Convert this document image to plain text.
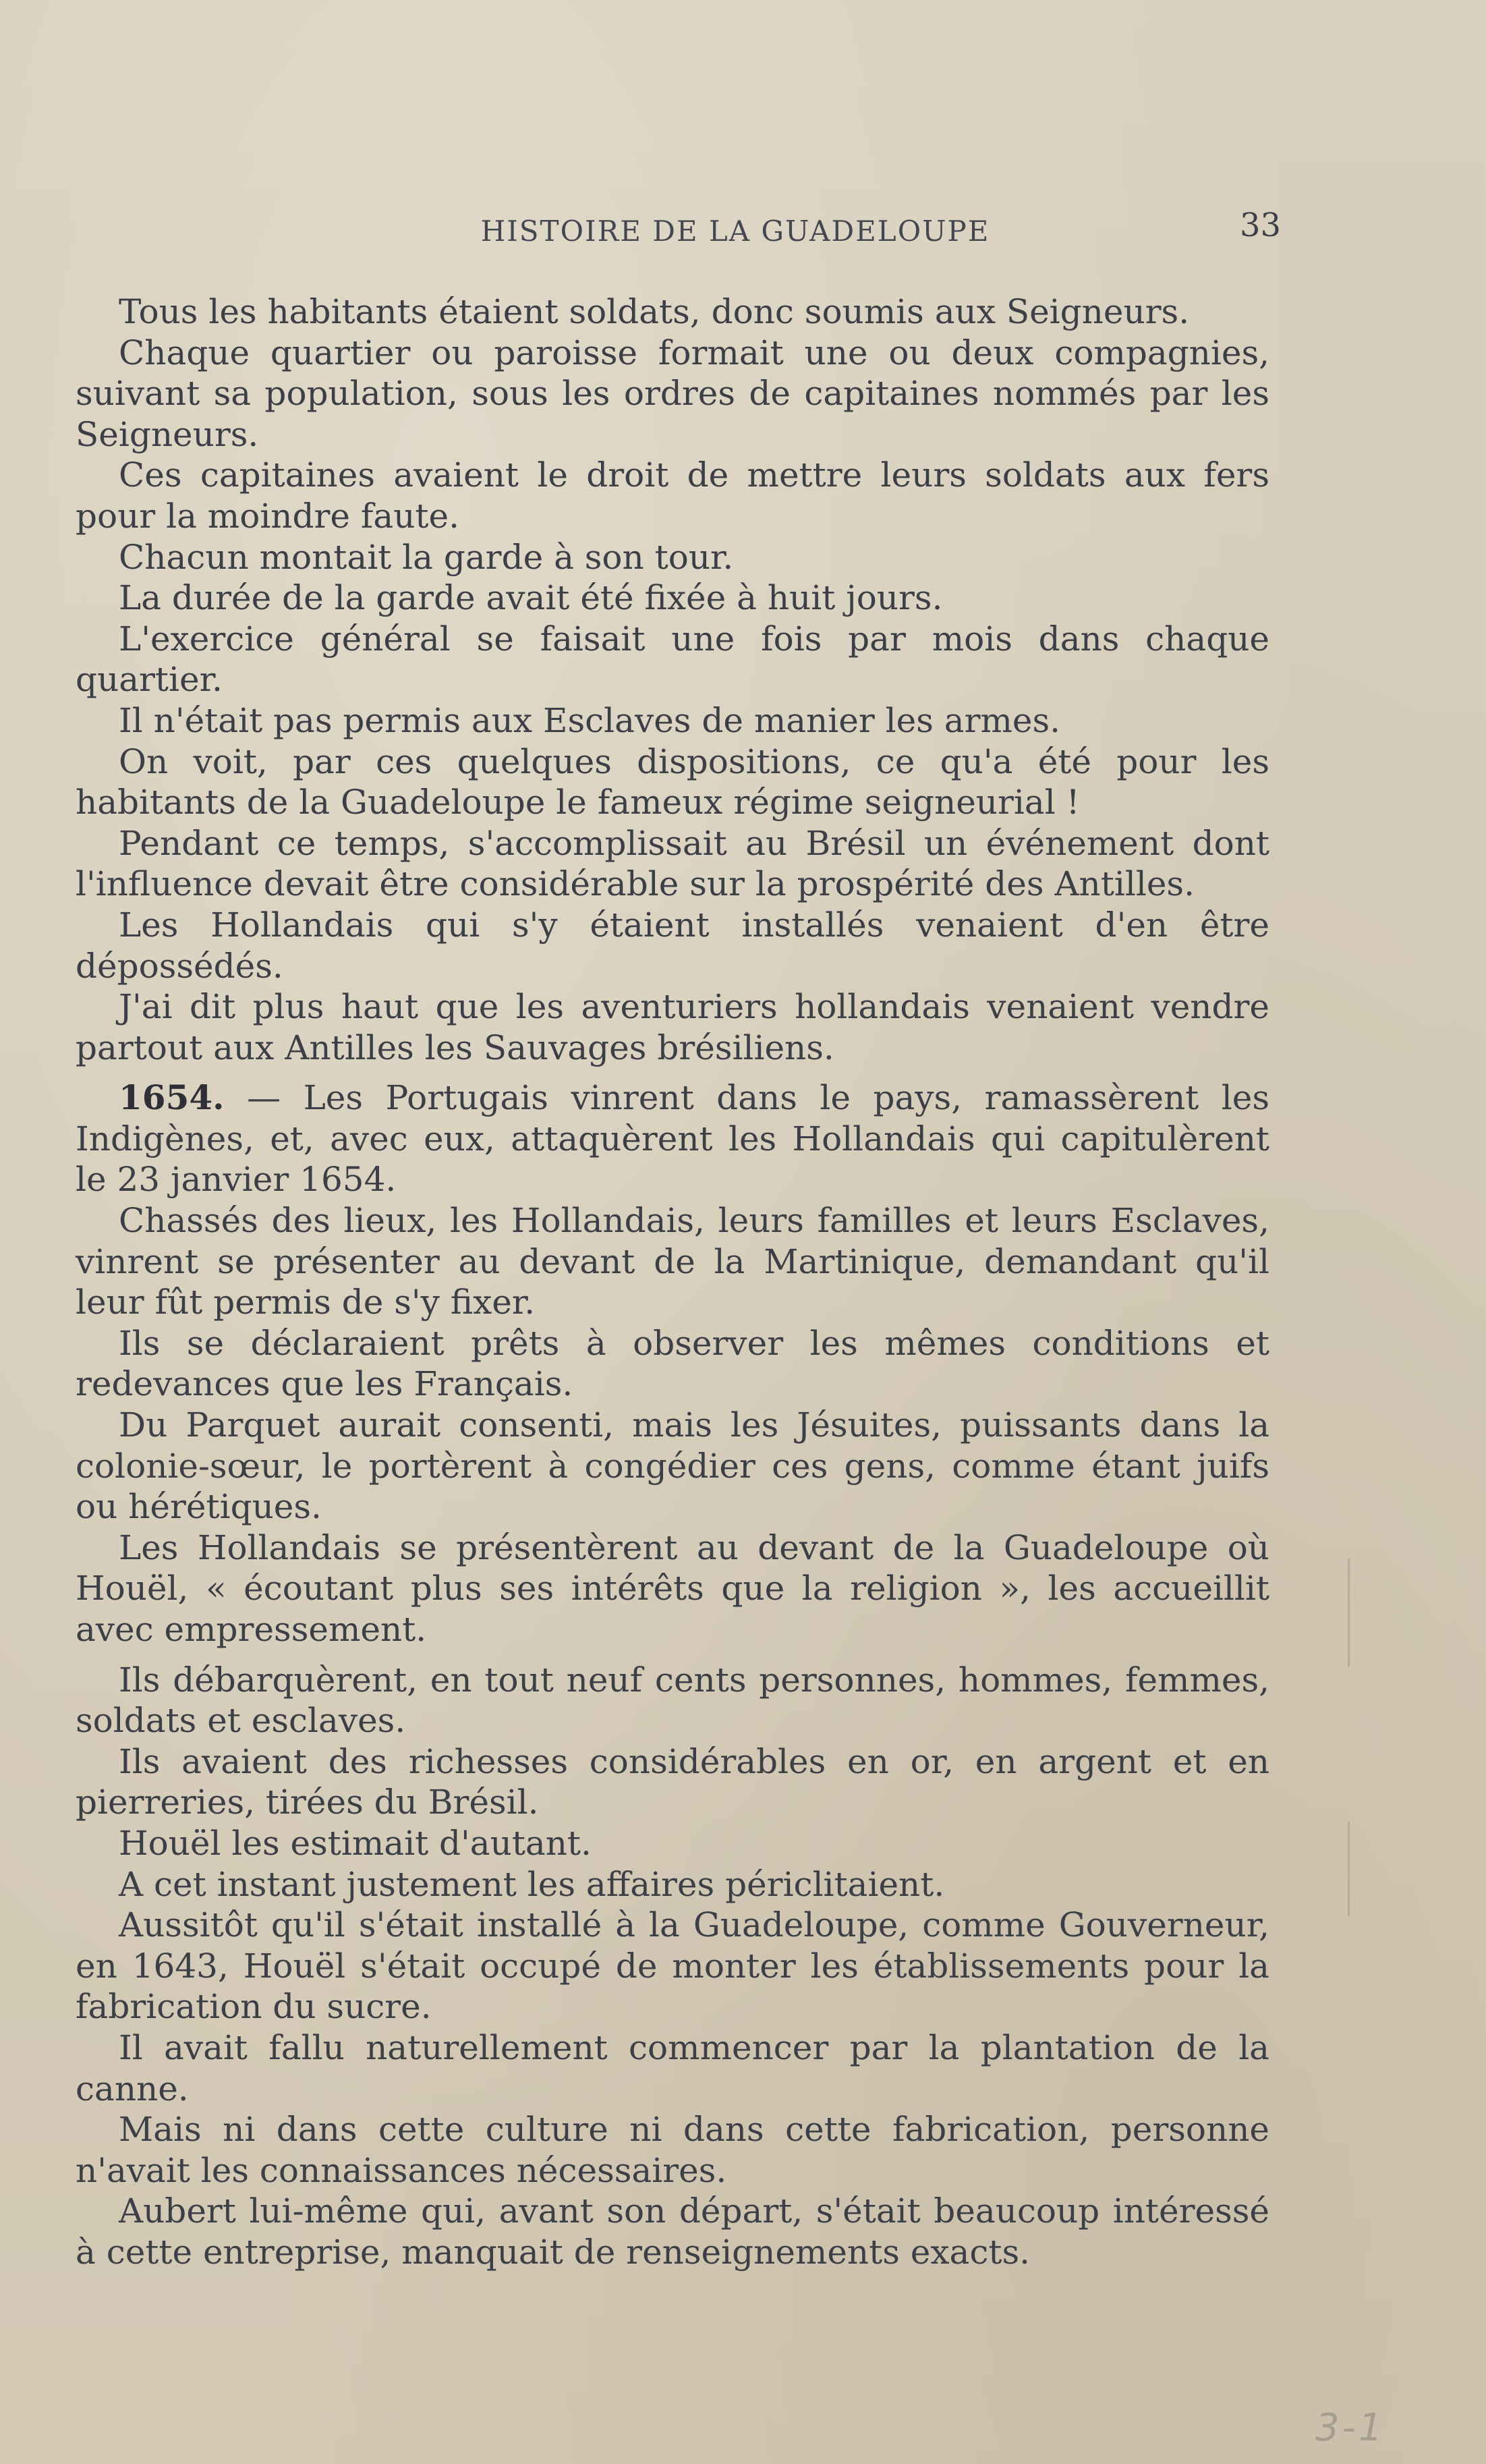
HISTOIRE DE LA GUADELOUPE	33

Tous les habitants étaient soldats, donc soumis aux Seigneurs.

Chaque quartier ou paroisse formait une ou deux compagnies, suivant sa population, sous les ordres de capitaines nommés par les Seigneurs.

Ces capitaines avaient le droit de mettre leurs soldats aux fers pour la moindre faute.

Chacun montait la garde à son tour.

La durée de la garde avait été fixée à huit jours.

L'exercice général se faisait une fois par mois dans chaque quartier.

Il n'était pas permis aux Esclaves de manier les armes.

On voit, par ces quelques dispositions, ce qu'a été pour les habitants de la Guadeloupe le fameux régime seigneurial !

Pendant ce temps, s'accomplissait au Brésil un événement dont l'influence devait être considérable sur la prospérité des Antilles.

Les Hollandais qui s'y étaient installés venaient d'en être dépossédés.

J'ai dit plus haut que les aventuriers hollandais venaient vendre partout aux Antilles les Sauvages brésiliens.

1654. — Les Portugais vinrent dans le pays, ramassèrent les Indigènes, et, avec eux, attaquèrent les Hollandais qui capitulèrent le 23 janvier 1654.

Chassés des lieux, les Hollandais, leurs familles et leurs Esclaves, vinrent se présenter au devant de la Martinique, demandant qu'il leur fût permis de s'y fixer.

Ils se déclaraient prêts à observer les mêmes conditions et redevances que les Français.

Du Parquet aurait consenti, mais les Jésuites, puissants dans la colonie-sœur, le portèrent à congédier ces gens, comme étant juifs ou hérétiques.

Les Hollandais se présentèrent au devant de la Guadeloupe où Houël, « écoutant plus ses intérêts que la religion », les accueillit avec empressement.

Ils débarquèrent, en tout neuf cents personnes, hommes, femmes, soldats et esclaves.

Ils avaient des richesses considérables en or, en argent et en pierreries, tirées du Brésil.

Houël les estimait d'autant.

A cet instant justement les affaires périclitaient.

Aussitôt qu'il s'était installé à la Guadeloupe, comme Gouverneur, en 1643, Houël s'était occupé de monter les établissements pour la fabrication du sucre.

Il avait fallu naturellement commencer par la plantation de la canne.

Mais ni dans cette culture ni dans cette fabrication, personne n'avait les connaissances nécessaires.

Aubert lui-même qui, avant son départ, s'était beaucoup intéressé à cette entreprise, manquait de renseignements exacts.

3-1
